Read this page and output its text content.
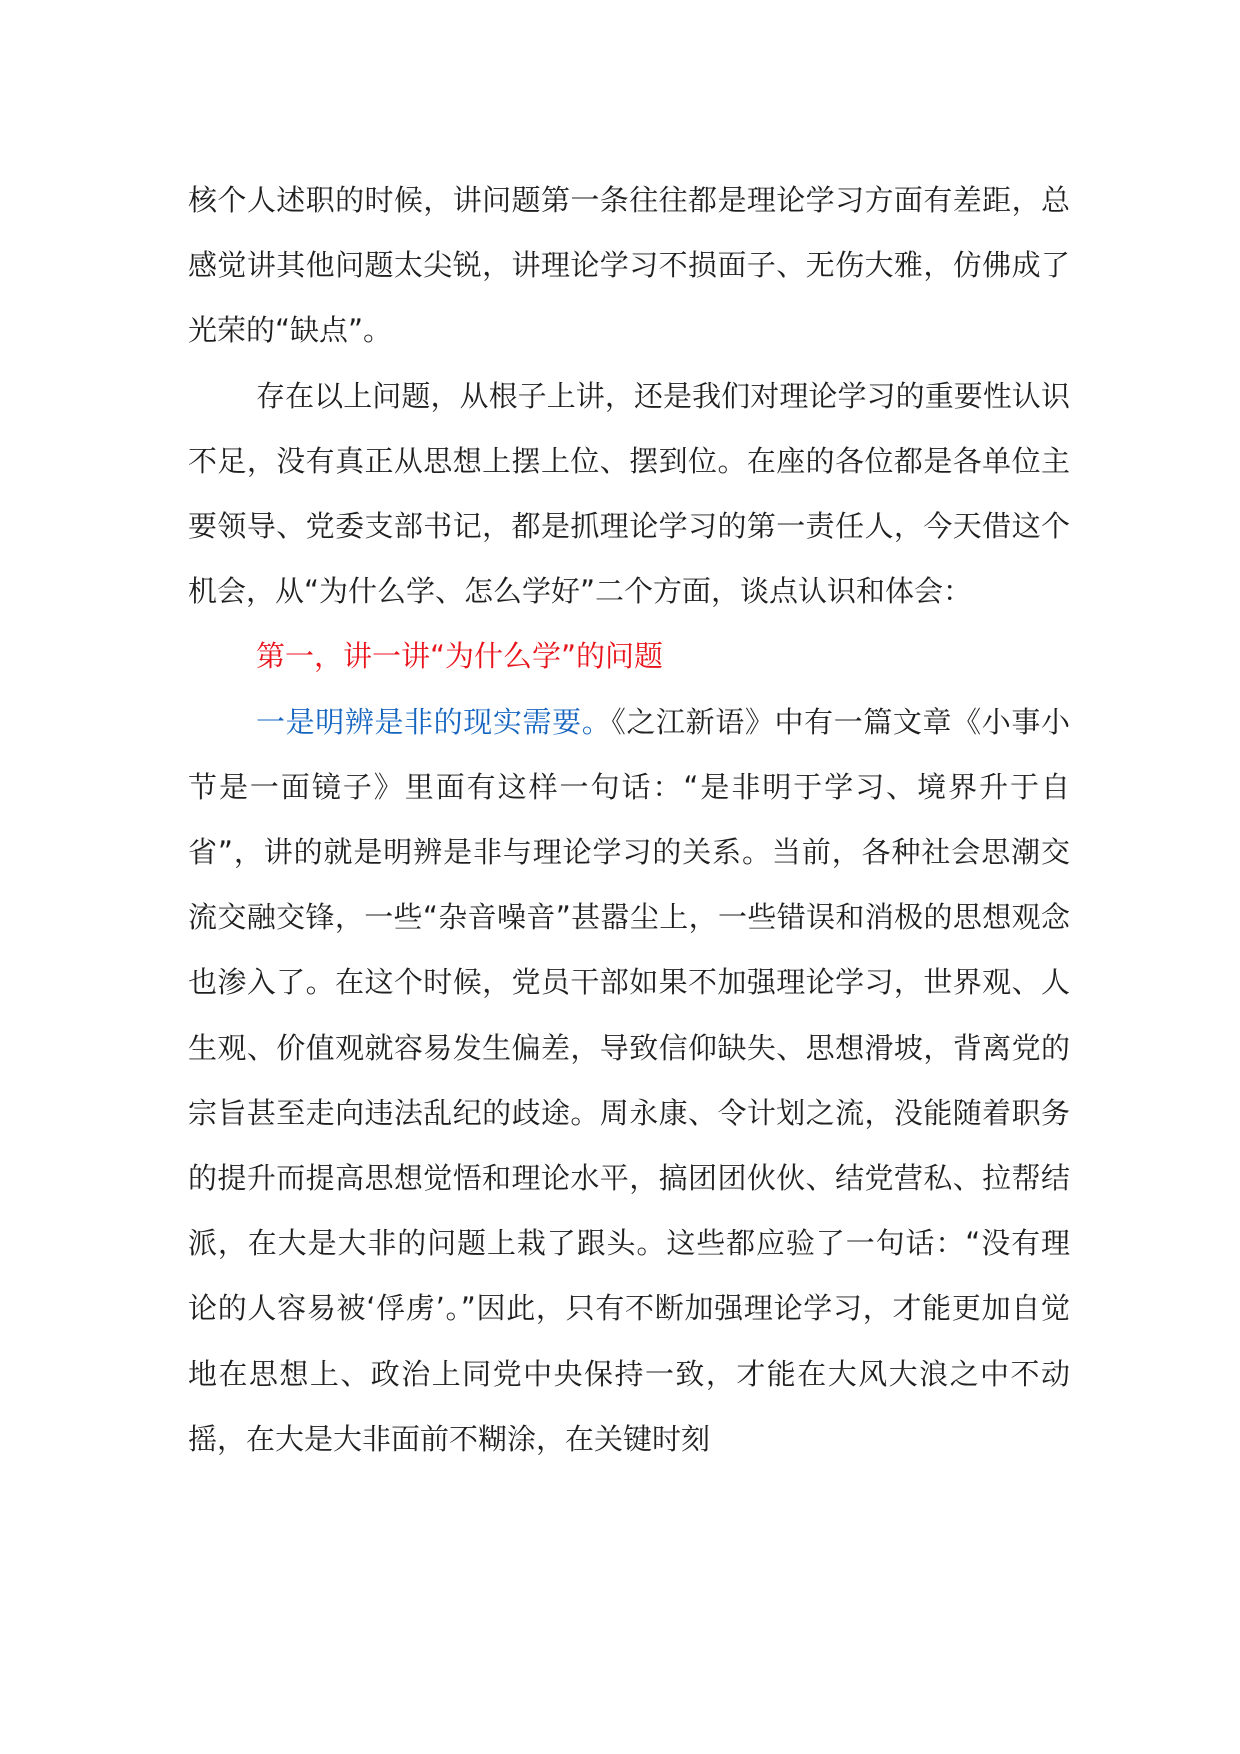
核个人述职的时候，讲问题第一条往往都是理论学习方面有差距，总感觉讲其他问题太尖锐，讲理论学习不损面子、无伤大雅，仿佛成了光荣的“缺点”。

存在以上问题，从根子上讲，还是我们对理论学习的重要性认识不足，没有真正从思想上摆上位、摆到位。在座的各位都是各单位主要领导、党委支部书记，都是抓理论学习的第一责任人，今天借这个机会，从“为什么学、怎么学好”二个方面，谈点认识和体会：

第一，讲一讲“为什么学”的问题

一是明辨是非的现实需要。《之江新语》中有一篇文章《小事小节是一面镜子》里面有这样一句话：“是非明于学习、境界升于自省”，讲的就是明辨是非与理论学习的关系。当前，各种社会思潮交流交融交锋，一些“杂音噪音”甚嚣尘上，一些错误和消极的思想观念也渗入了。在这个时候，党员干部如果不加强理论学习，世界观、人生观、价值观就容易发生偏差，导致信仰缺失、思想滑坡，背离党的宗旨甚至走向违法乱纪的歧途。周永康、令计划之流，没能随着职务的提升而提高思想觉悟和理论水平，搞团团伙伙、结党营私、拉帮结派，在大是大非的问题上栽了跟头。这些都应验了一句话：“没有理论的人容易被‘俘虏’。”因此，只有不断加强理论学习，才能更加自觉地在思想上、政治上同党中央保持一致，才能在大风大浪之中不动摇，在大是大非面前不糊涂，在关键时刻
